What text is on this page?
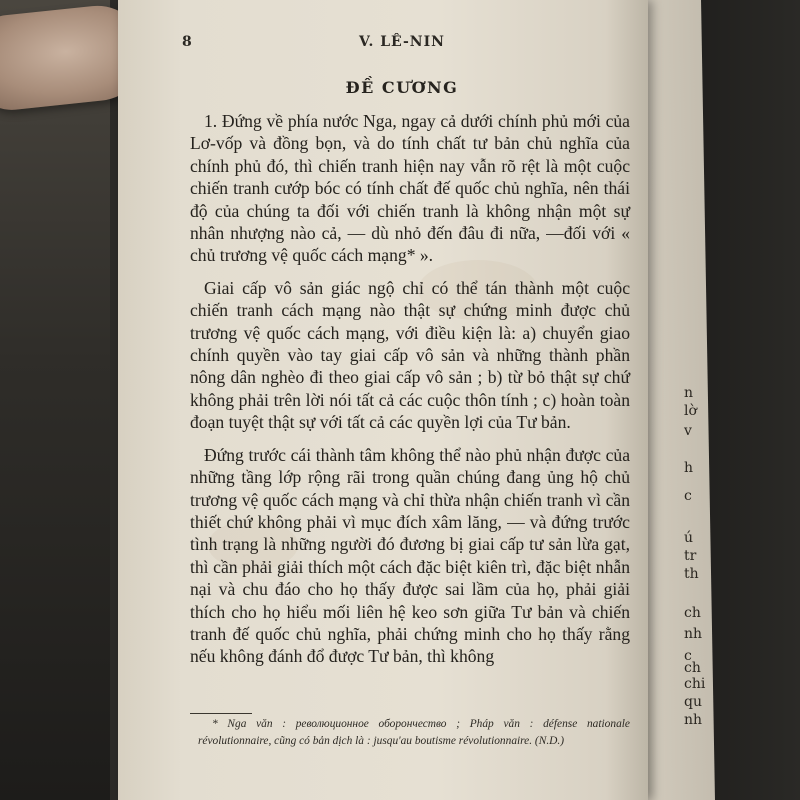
n
lờ
v
h
c
ú
tr
th
ch
nh
c
ch
chi
qu
nh
8	V. LÊ-NIN
ĐỀ CƯƠNG

1. Đứng về phía nước Nga, ngay cả dưới chính phủ mới của Lơ-vốp và đồng bọn, và do tính chất tư bản chủ nghĩa của chính phủ đó, thì chiến tranh hiện nay vẫn rõ rệt là một cuộc chiến tranh cướp bóc có tính chất đế quốc chủ nghĩa, nên thái độ của chúng ta đối với chiến tranh là không nhận một sự nhân nhượng nào cả, — dù nhỏ đến đâu đi nữa, —đối với « chủ trương vệ quốc cách mạng* ».

Giai cấp vô sản giác ngộ chỉ có thể tán thành một cuộc chiến tranh cách mạng nào thật sự chứng minh được chủ trương vệ quốc cách mạng, với điều kiện là: a) chuyển giao chính quyền vào tay giai cấp vô sản và những thành phần nông dân nghèo đi theo giai cấp vô sản ; b) từ bỏ thật sự chứ không phải trên lời nói tất cả các cuộc thôn tính ; c) hoàn toàn đoạn tuyệt thật sự với tất cả các quyền lợi của Tư bản.

Đứng trước cái thành tâm không thể nào phủ nhận được của những tầng lớp rộng rãi trong quần chúng đang ủng hộ chủ trương vệ quốc cách mạng và chỉ thừa nhận chiến tranh vì cần thiết chứ không phải vì mục đích xâm lăng, — và đứng trước tình trạng là những người đó đương bị giai cấp tư sản lừa gạt, thì cần phải giải thích một cách đặc biệt kiên trì, đặc biệt nhẫn nại và chu đáo cho họ thấy được sai lầm của họ, phải giải thích cho họ hiểu mối liên hệ keo sơn giữa Tư bản và chiến tranh đế quốc chủ nghĩa, phải chứng minh cho họ thấy rằng nếu không đánh đổ được Tư bản, thì không

* Nga văn : революционное оборончество ; Pháp văn : défense nationale révolutionnaire, cũng có bản dịch là : jusqu'au boutisme révolutionnaire. (N.D.)
